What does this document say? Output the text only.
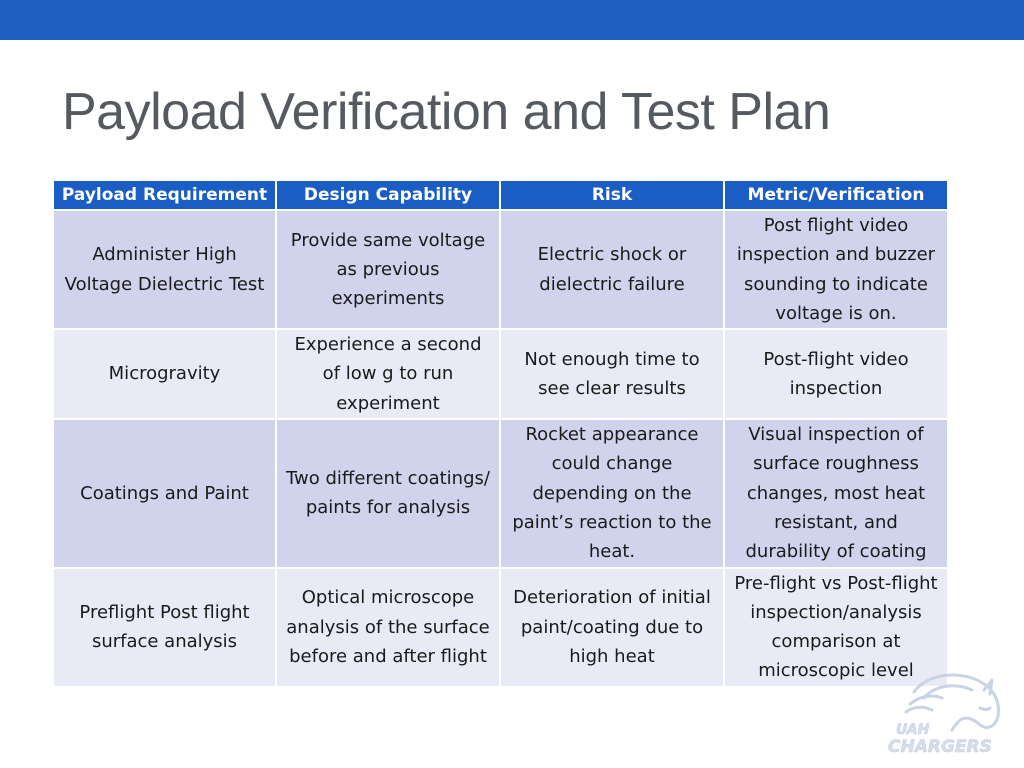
Payload Verification and Test Plan
Payload Requirement	Design Capability	Risk	Metric/Verification
Administer High Voltage Dielectric Test	Provide same voltage as previous experiments	Electric shock or dielectric failure	Post flight video inspection and buzzer sounding to indicate voltage is on.
Microgravity	Experience a second of low g to run experiment	Not enough time to see clear results	Post-flight video inspection
Coatings and Paint	Two different coatings/ paints for analysis	Rocket appearance could change depending on the paint’s reaction to the heat.	Visual inspection of surface roughness changes, most heat resistant, and durability of coating
Preflight Post flight surface analysis	Optical microscope analysis of the surface before and after flight	Deterioration of initial paint/coating due to high heat	Pre-flight vs Post-flight inspection/analysis comparison at microscopic level
UAH
CHARGERS
